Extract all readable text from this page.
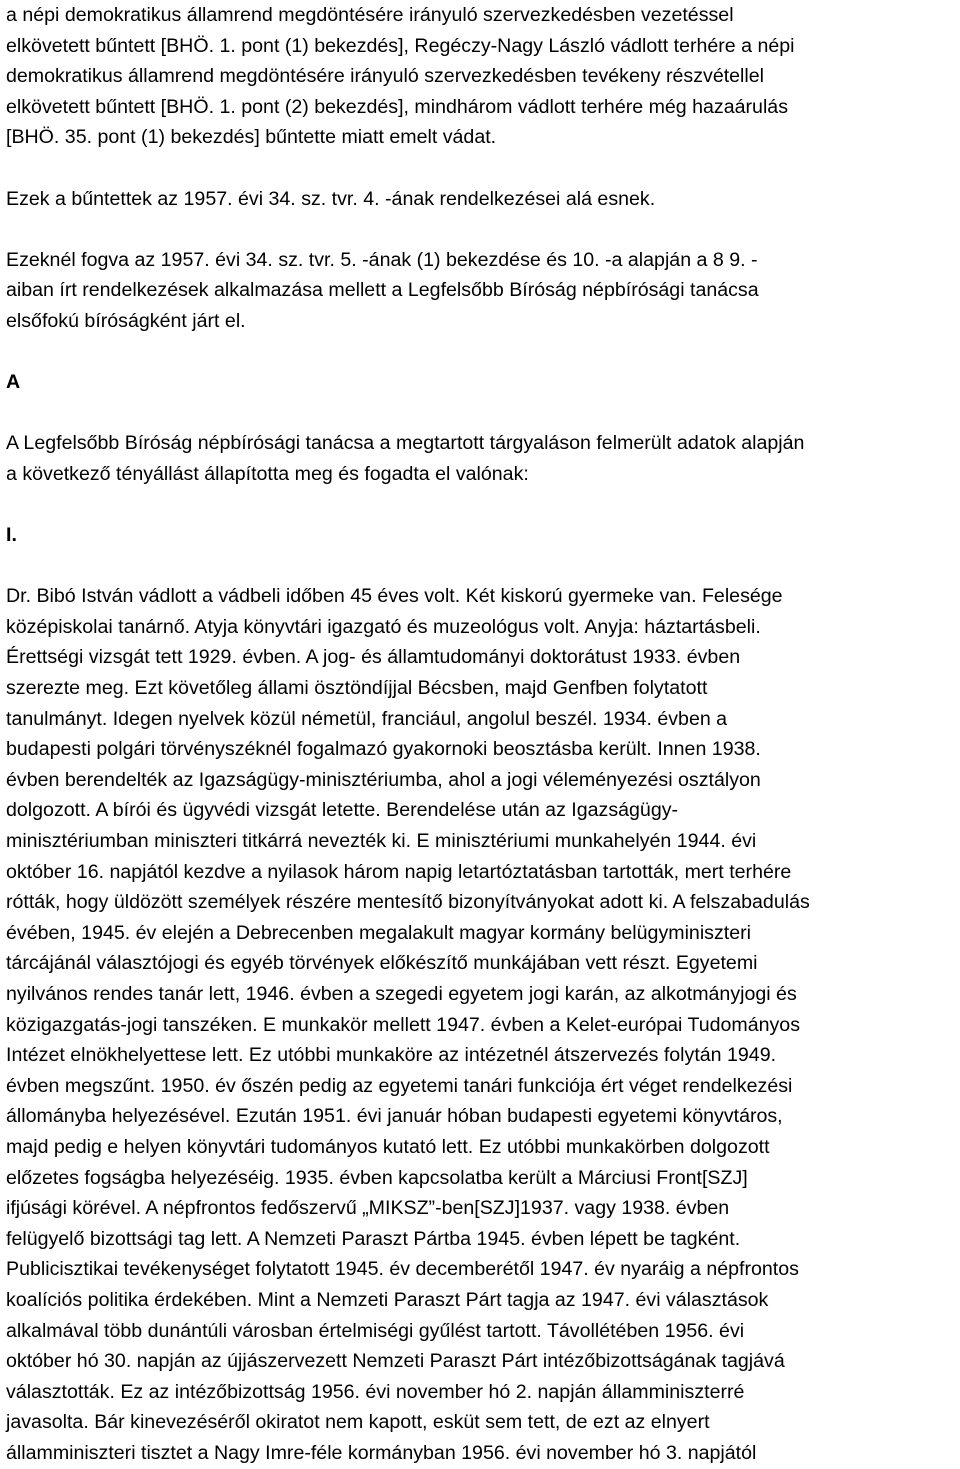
a népi demokratikus államrend megdöntésére irányuló szervezkedésben vezetéssel
elkövetett bűntett [BHÖ. 1. pont (1) bekezdés], Regéczy-Nagy László vádlott terhére a népi
demokratikus államrend megdöntésére irányuló szervezkedésben tevékeny részvétellel
elkövetett bűntett [BHÖ. 1. pont (2) bekezdés], mindhárom vádlott terhére még hazaárulás
[BHÖ. 35. pont (1) bekezdés] bűntette miatt emelt vádat.

Ezek a bűntettek az 1957. évi 34. sz. tvr. 4. -ának rendelkezései alá esnek.

Ezeknél fogva az 1957. évi 34. sz. tvr. 5. -ának (1) bekezdése és 10. -a alapján a 8 9. -
aiban írt rendelkezések alkalmazása mellett a Legfelsőbb Bíróság népbírósági tanácsa
elsőfokú bíróságként járt el.

A

A Legfelsőbb Bíróság népbírósági tanácsa a megtartott tárgyaláson felmerült adatok alapján
a következő tényállást állapította meg és fogadta el valónak:

I.

Dr. Bibó István vádlott a vádbeli időben 45 éves volt. Két kiskorú gyermeke van. Felesége
középiskolai tanárnő. Atyja könyvtári igazgató és muzeológus volt. Anyja: háztartásbeli.
Érettségi vizsgát tett 1929. évben. A jog- és államtudományi doktorátust 1933. évben
szerezte meg. Ezt követőleg állami ösztöndíjjal Bécsben, majd Genfben folytatott
tanulmányt. Idegen nyelvek közül németül, franciául, angolul beszél. 1934. évben a
budapesti polgári törvényszéknél fogalmazó gyakornoki beosztásba került. Innen 1938.
évben berendelték az Igazságügy-minisztériumba, ahol a jogi véleményezési osztályon
dolgozott. A bírói és ügyvédi vizsgát letette. Berendelése után az Igazságügy-
minisztériumban miniszteri titkárrá nevezték ki. E minisztériumi munkahelyén 1944. évi
október 16. napjától kezdve a nyilasok három napig letartóztatásban tartották, mert terhére
rótták, hogy üldözött személyek részére mentesítő bizonyítványokat adott ki. A felszabadulás
évében, 1945. év elején a Debrecenben megalakult magyar kormány belügyminiszteri
tárcájánál választójogi és egyéb törvények előkészítő munkájában vett részt. Egyetemi
nyilvános rendes tanár lett, 1946. évben a szegedi egyetem jogi karán, az alkotmányjogi és
közigazgatás-jogi tanszéken. E munkakör mellett 1947. évben a Kelet-európai Tudományos
Intézet elnökhelyettese lett. Ez utóbbi munkaköre az intézetnél átszervezés folytán 1949.
évben megszűnt. 1950. év őszén pedig az egyetemi tanári funkciója ért véget rendelkezési
állományba helyezésével. Ezután 1951. évi január hóban budapesti egyetemi könyvtáros,
majd pedig e helyen könyvtári tudományos kutató lett. Ez utóbbi munkakörben dolgozott
előzetes fogságba helyezéséig. 1935. évben kapcsolatba került a Márciusi Front[SZJ]
ifjúsági körével. A népfrontos fedőszervű „MIKSZ”-ben[SZJ]1937. vagy 1938. évben
felügyelő bizottsági tag lett. A Nemzeti Paraszt Pártba 1945. évben lépett be tagként.
Publicisztikai tevékenységet folytatott 1945. év decemberétől 1947. év nyaráig a népfrontos
koalíciós politika érdekében. Mint a Nemzeti Paraszt Párt tagja az 1947. évi választások
alkalmával több dunántúli városban értelmiségi gyűlést tartott. Távollétében 1956. évi
október hó 30. napján az újjászervezett Nemzeti Paraszt Párt intézőbizottságának tagjává
választották. Ez az intézőbizottság 1956. évi november hó 2. napján államminiszterré
javasolta. Bár kinevezéséről okiratot nem kapott, esküt sem tett, de ezt az elnyert
államminiszteri tisztet a Nagy Imre-féle kormányban 1956. évi november hó 3. napjától
